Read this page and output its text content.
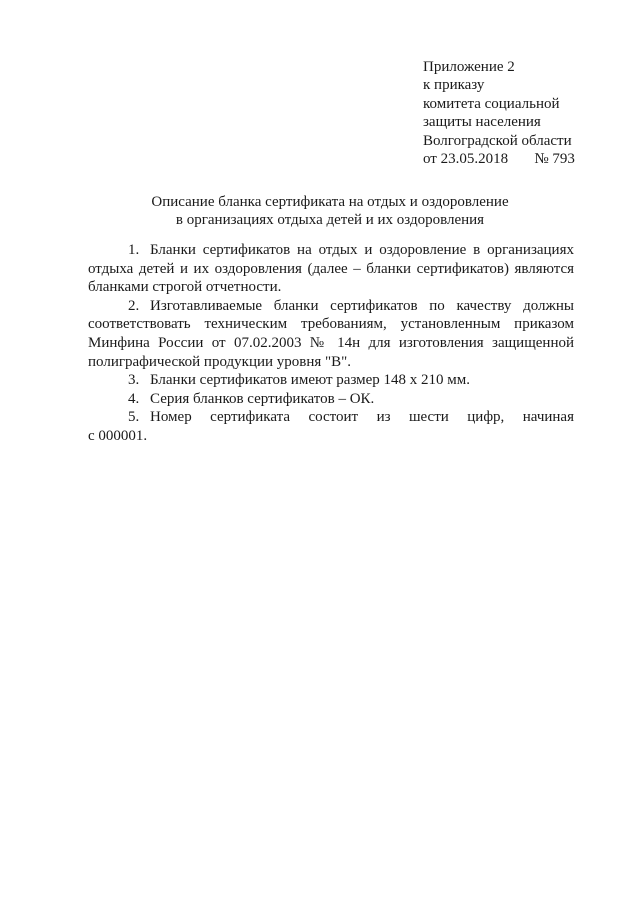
Приложение 2
к приказу
комитета социальной
защиты населения
Волгоградской области
от 23.05.2018       № 793
Описание бланка сертификата на отдых и оздоровление
в организациях отдыха детей и их оздоровления

1. Бланки сертификатов на отдых и оздоровление в организациях отдыха детей и их оздоровления (далее – бланки сертификатов) являются бланками строгой отчетности.

2. Изготавливаемые бланки сертификатов по качеству должны соответствовать техническим требованиям, установленным приказом Минфина России от 07.02.2003 № 14н для изготовления защищенной полиграфической продукции уровня "В".

3. Бланки сертификатов имеют размер 148 х 210 мм.

4. Серия бланков сертификатов – ОК.

5. Номер сертификата состоит из шести цифр, начиная

с 000001.
